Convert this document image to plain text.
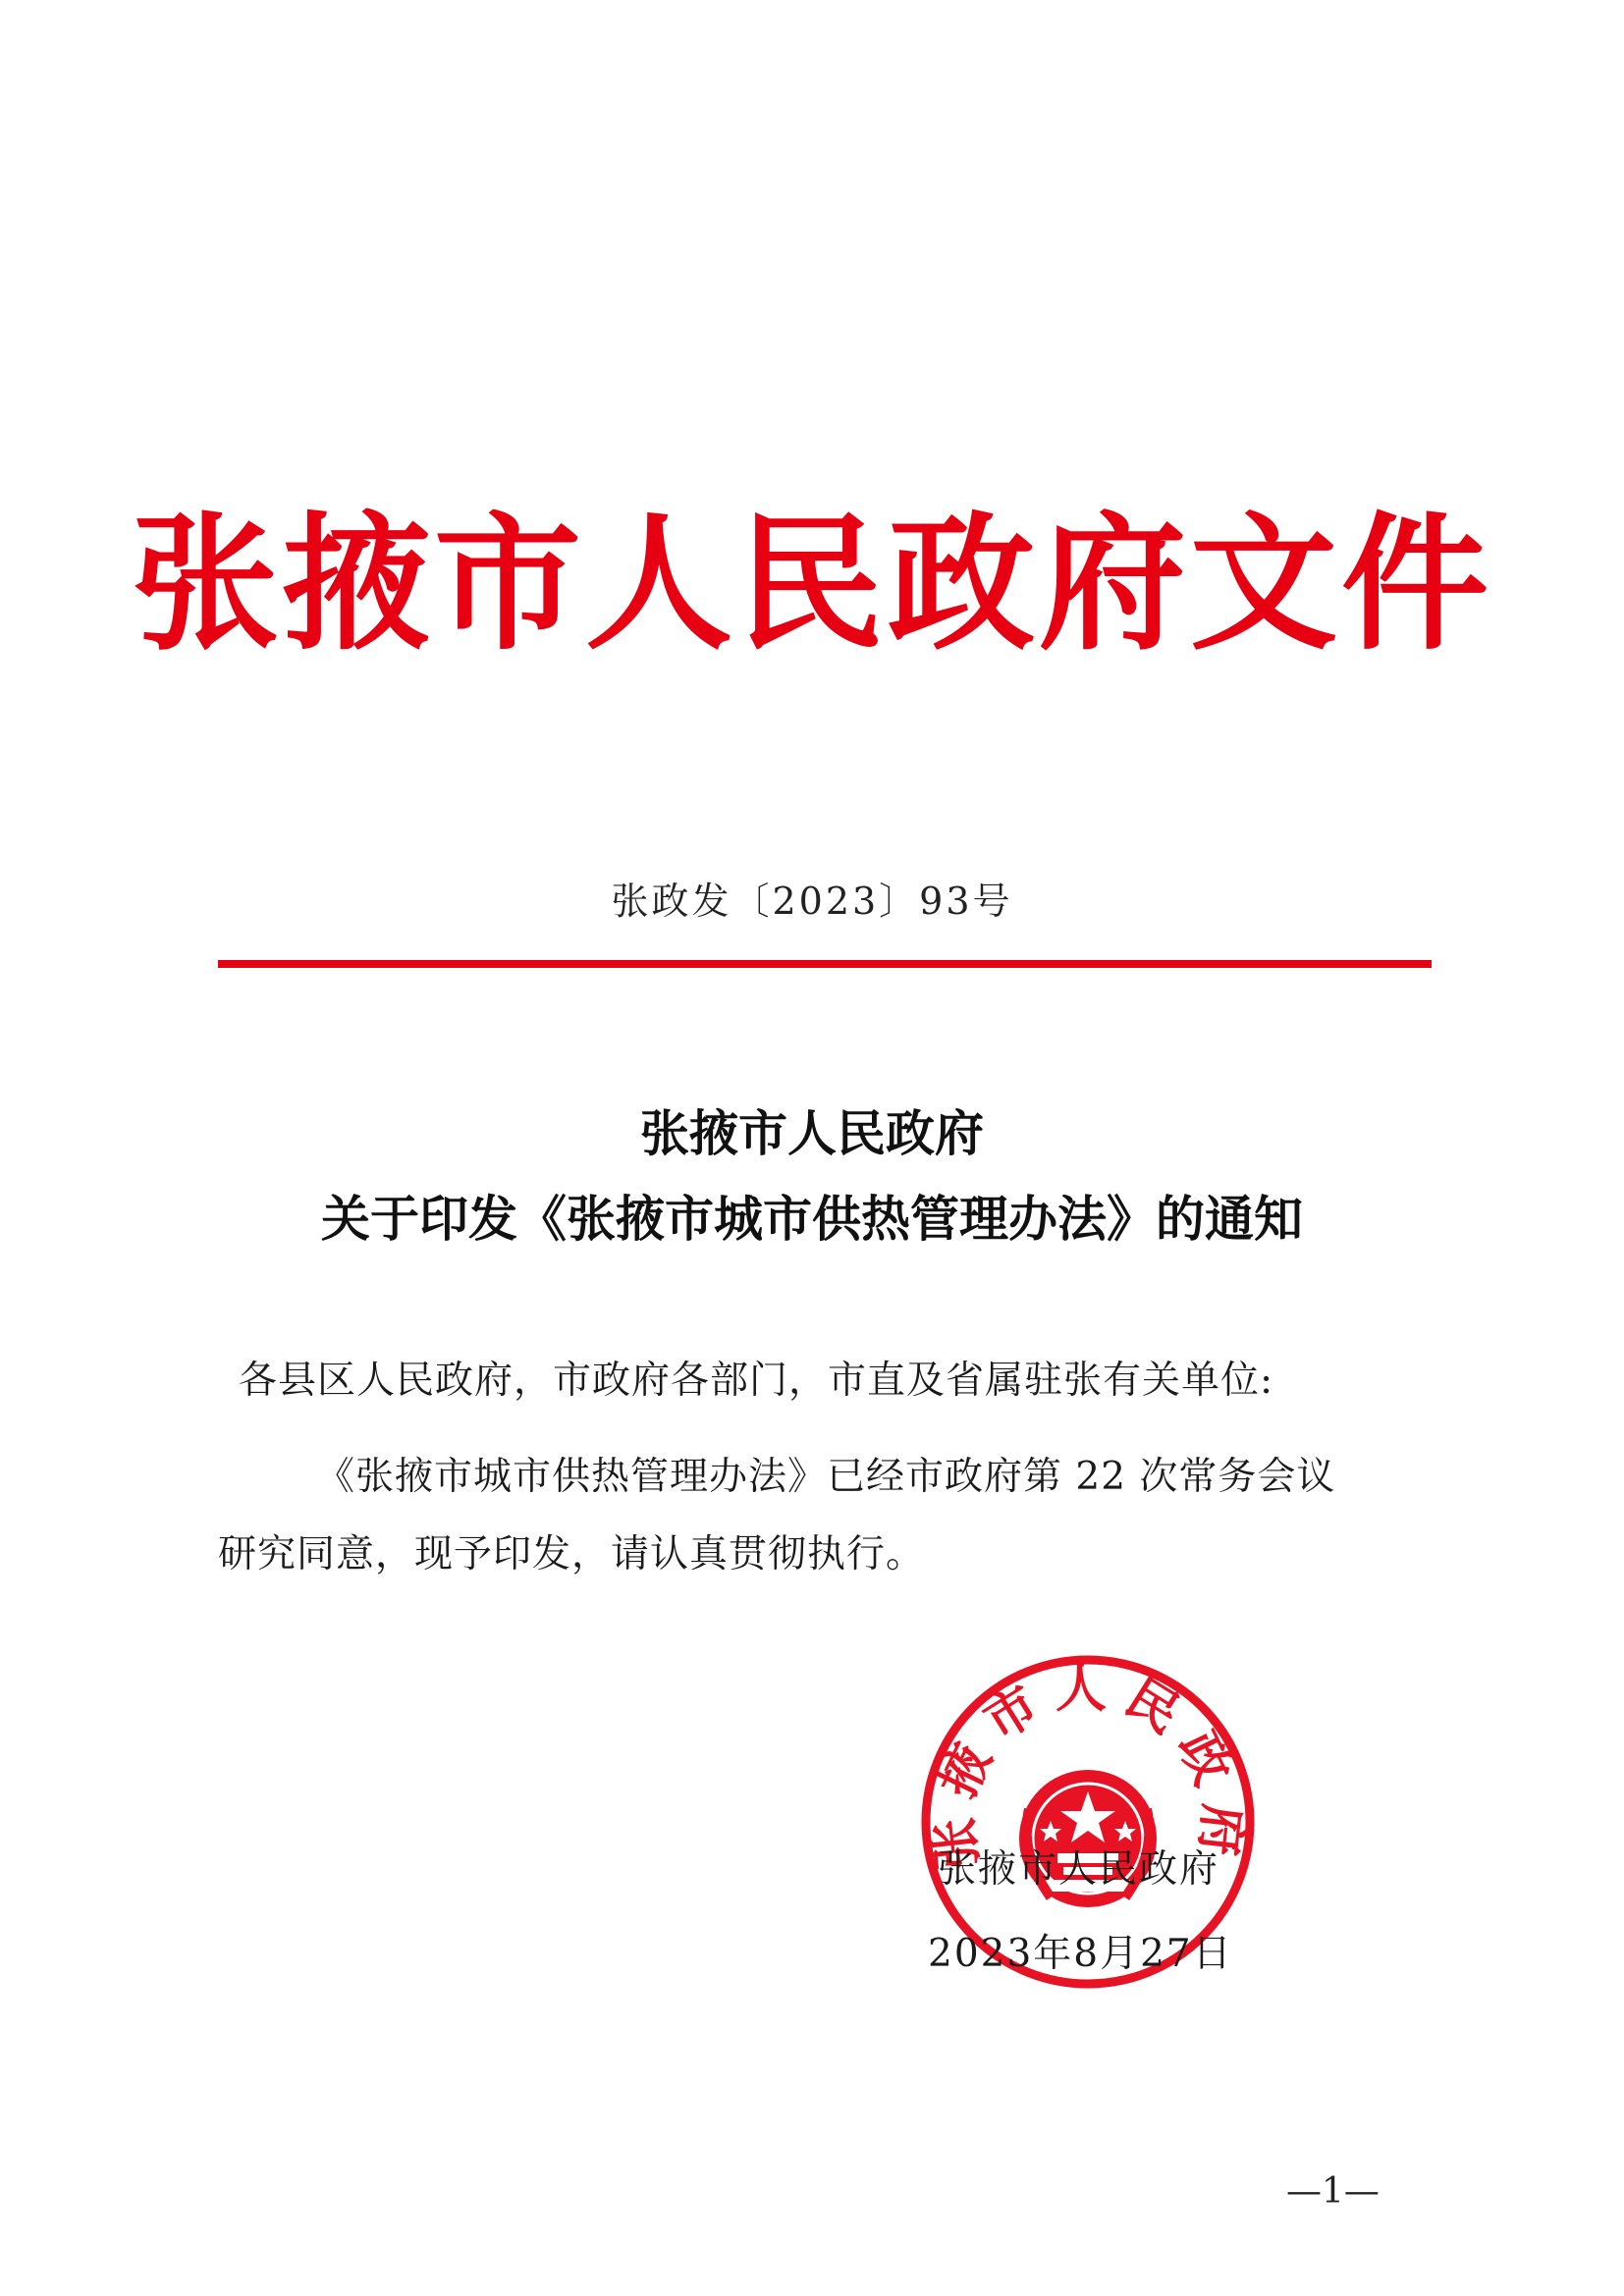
张掖市人民政府文件
张政发〔2023〕93号
张掖市人民政府
关于印发《张掖市城市供热管理办法》的通知
各县区人民政府，市政府各部门，市直及省属驻张有关单位:
《张掖市城市供热管理办法》已经市政府第 22 次常务会议
研究同意，现予印发，请认真贯彻执行。
张掖市人民政府
张掖市人民政府
2023年8月27日
—1—
